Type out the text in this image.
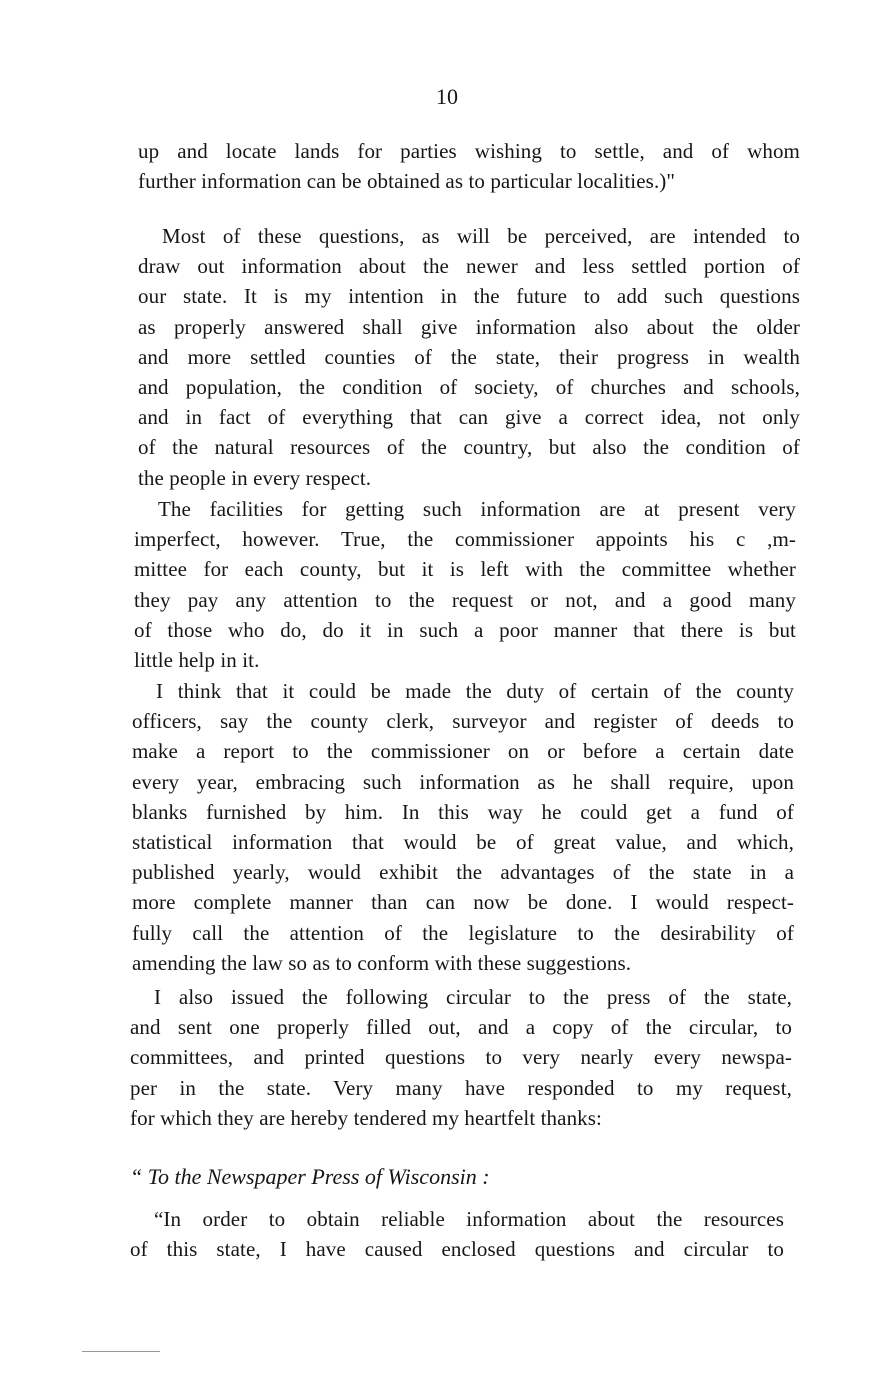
10
up and locate lands for parties wishing to settle, and of whom
further information can be obtained as to particular localities.)"
Most of these questions, as will be perceived, are intended to
draw out information about the newer and less settled portion of
our state. It is my intention in the future to add such questions
as properly answered shall give information also about the older
and more settled counties of the state, their progress in wealth
and population, the condition of society, of churches and schools,
and in fact of everything that can give a correct idea, not only
of the natural resources of the country, but also the condition of
the people in every respect.
The facilities for getting such information are at present very
imperfect, however. True, the commissioner appoints his c ,m-
mittee for each county, but it is left with the committee whether
they pay any attention to the request or not, and a good many
of those who do, do it in such a poor manner that there is but
little help in it.
I think that it could be made the duty of certain of the county
officers, say the county clerk, surveyor and register of deeds to
make a report to the commissioner on or before a certain date
every year, embracing such information as he shall require, upon
blanks furnished by him. In this way he could get a fund of
statistical information that would be of great value, and which,
published yearly, would exhibit the advantages of the state in a
more complete manner than can now be done. I would respect-
fully call the attention of the legislature to the desirability of
amending the law so as to conform with these suggestions.
I also issued the following circular to the press of the state,
and sent one properly filled out, and a copy of the circular, to
committees, and printed questions to very nearly every newspa-
per in the state. Very many have responded to my request,
for which they are hereby tendered my heartfelt thanks:
“ To the Newspaper Press of Wisconsin :
“In order to obtain reliable information about the resources
of this state, I have caused enclosed questions and circular to
